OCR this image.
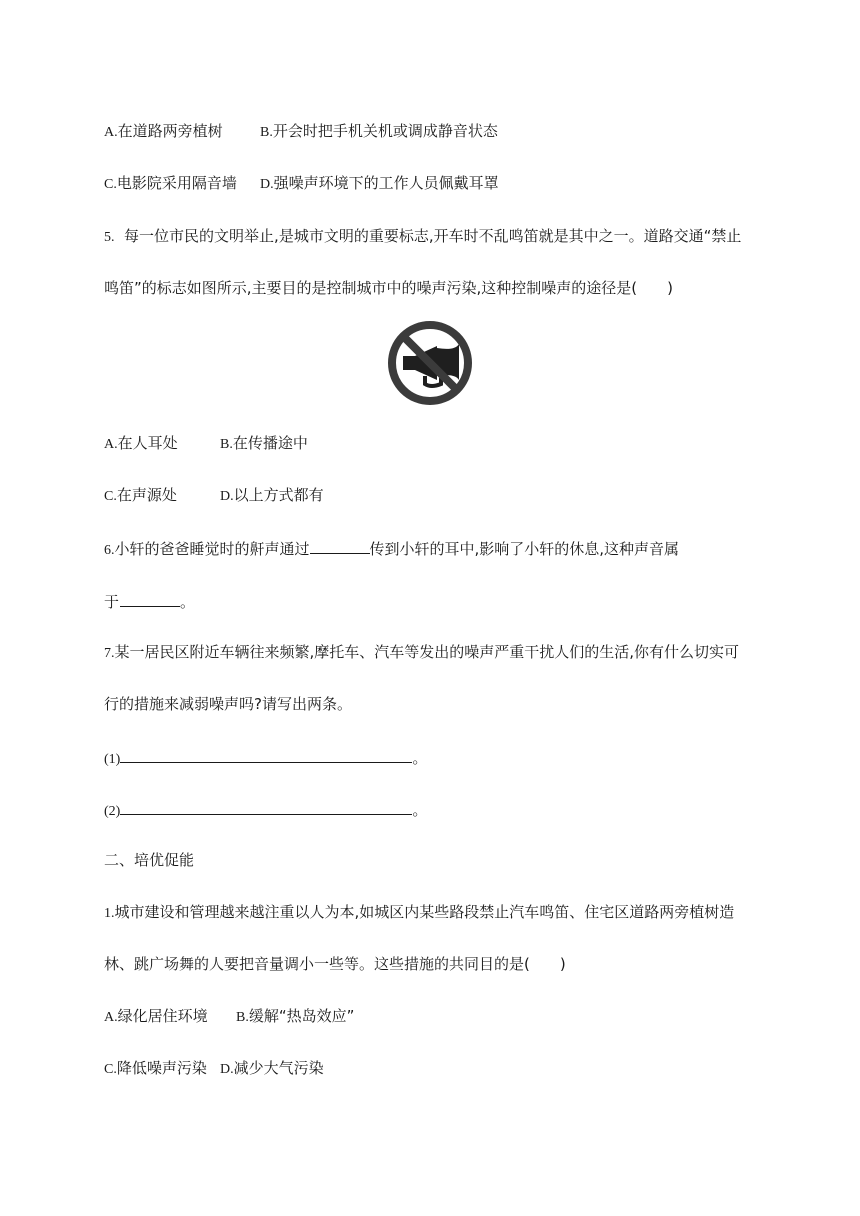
A.在道路两旁植树	B.开会时把手机关机或调成静音状态
C.电影院采用隔音墙 D.强噪声环境下的工作人员佩戴耳罩
5. 每一位市民的文明举止,是城市文明的重要标志,开车时不乱鸣笛就是其中之一。道路交通“禁止
鸣笛”的标志如图所示,主要目的是控制城市中的噪声污染,这种控制噪声的途径是(　　)
A.在人耳处	B.在传播途中
C.在声源处	D.以上方式都有
6.小轩的爸爸睡觉时的鼾声通过	传到小轩的耳中,影响了小轩的休息,这种声音属
于	。
7.某一居民区附近车辆往来频繁,摩托车、汽车等发出的噪声严重干扰人们的生活,你有什么切实可
行的措施来减弱噪声吗?请写出两条。
(1)	。
(2)	。
二、培优促能
1.城市建设和管理越来越注重以人为本,如城区内某些路段禁止汽车鸣笛、住宅区道路两旁植树造
林、跳广场舞的人要把音量调小一些等。这些措施的共同目的是(　　)
A.绿化居住环境 B.缓解“热岛效应”
C.降低噪声污染 D.减少大气污染
